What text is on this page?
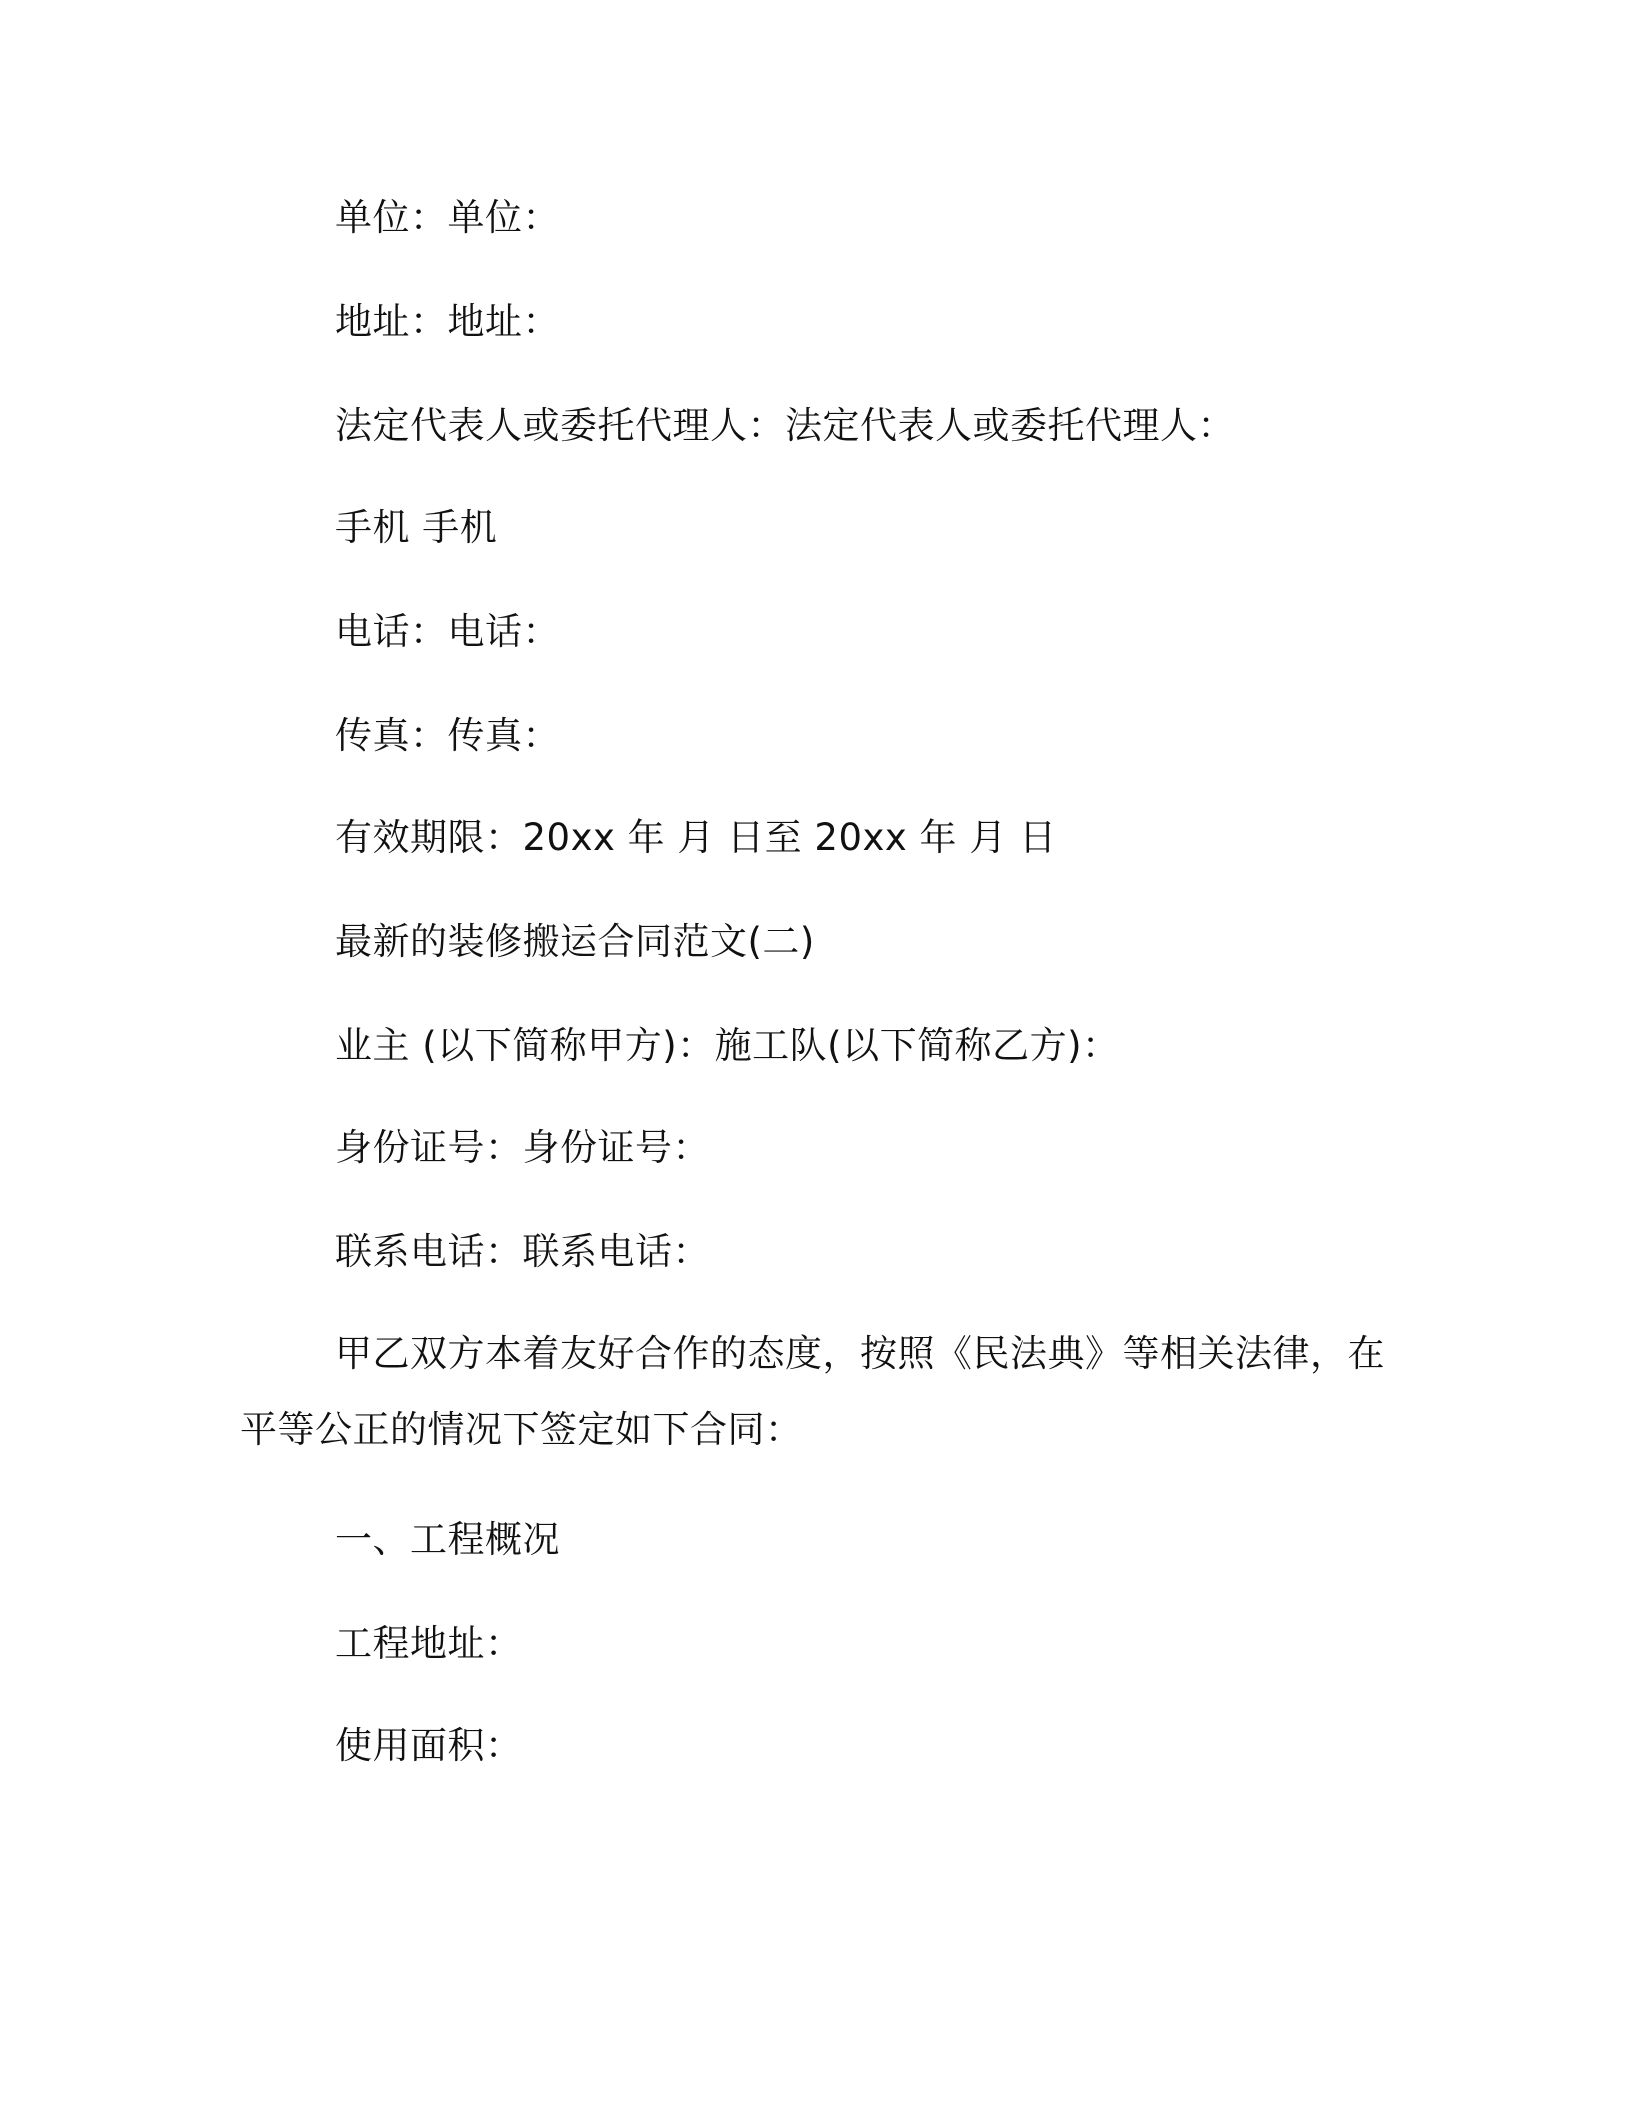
单位：单位：
地址：地址：
法定代表人或委托代理人：法定代表人或委托代理人：
手机 手机
电话：电话：
传真：传真：
有效期限：20xx 年 月 日至 20xx 年 月 日
最新的装修搬运合同范文(二)
业主 (以下简称甲方)：施工队(以下简称乙方)：
身份证号：身份证号：
联系电话：联系电话：
甲乙双方本着友好合作的态度，按照《民法典》等相关法律，在平等公正的情况下签定如下合同：
一、工程概况
工程地址：
使用面积：
